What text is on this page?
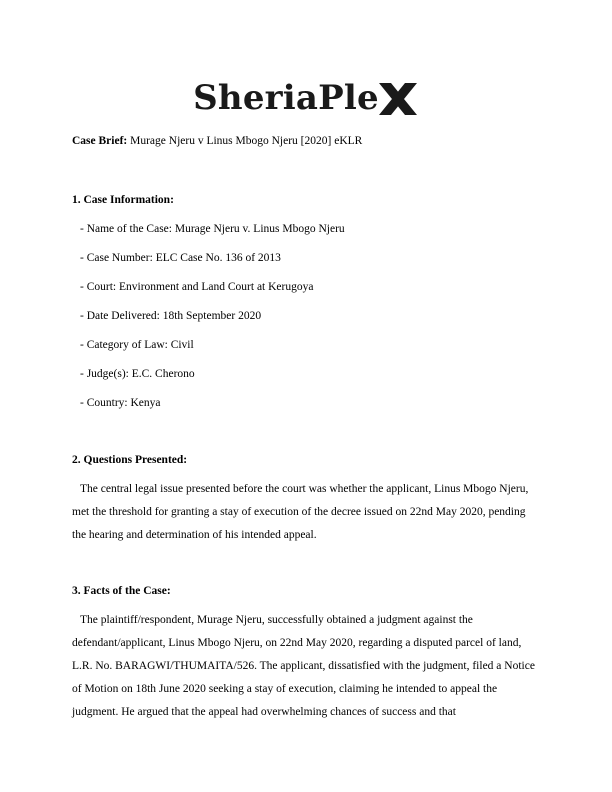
SheriaPle

Case Brief: Murage Njeru v Linus Mbogo Njeru [2020] eKLR

1. Case Information:

- Name of the Case: Murage Njeru v. Linus Mbogo Njeru
- Case Number: ELC Case No. 136 of 2013
- Court: Environment and Land Court at Kerugoya
- Date Delivered: 18th September 2020
- Category of Law: Civil
- Judge(s): E.C. Cherono
- Country: Kenya

2. Questions Presented:

The central legal issue presented before the court was whether the applicant, Linus Mbogo Njeru, met the threshold for granting a stay of execution of the decree issued on 22nd May 2020, pending the hearing and determination of his intended appeal.

3. Facts of the Case:

The plaintiff/respondent, Murage Njeru, successfully obtained a judgment against the defendant/applicant, Linus Mbogo Njeru, on 22nd May 2020, regarding a disputed parcel of land, L.R. No. BARAGWI/THUMAITA/526. The applicant, dissatisfied with the judgment, filed a Notice of Motion on 18th June 2020 seeking a stay of execution, claiming he intended to appeal the judgment. He argued that the appeal had overwhelming chances of success and that
